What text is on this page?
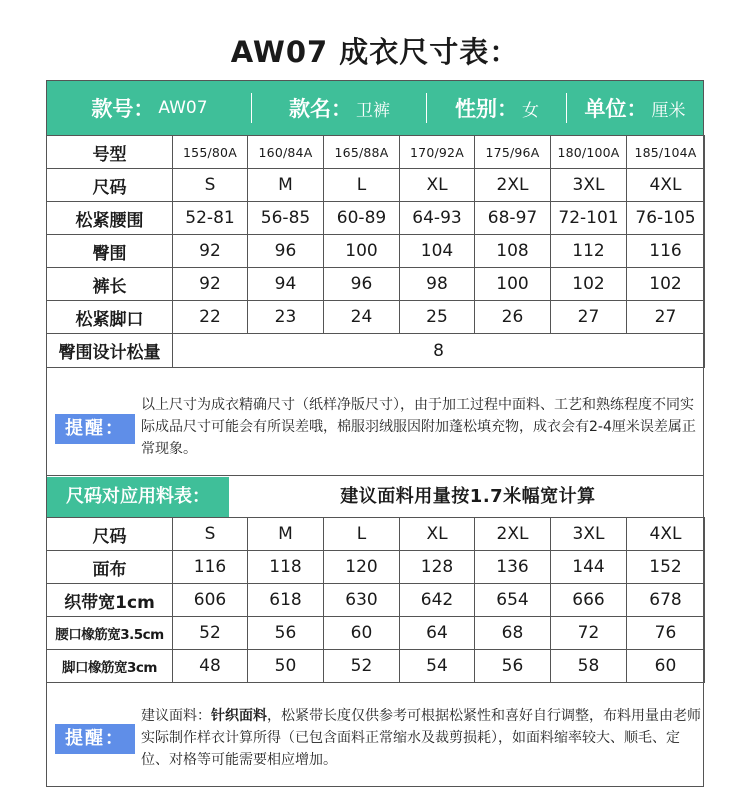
AW07 成衣尺寸表：
款号： AW07	款名： 卫裤	性别： 女 单位： 厘米
号型	155/80A	160/84A	165/88A	170/92A	175/96A	180/100A	185/104A
尺码	S	M	L	XL	2XL	3XL	4XL
松紧腰围	52-81	56-85	60-89	64-93	68-97	72-101	76-105
臀围	92	96	100	104	108	112	116
裤长	92	94	96	98	100	102	102
松紧脚口	22	23	24	25	26	27	27
臀围设计松量	8						
提醒：
以上尺寸为成衣精确尺寸（纸样净版尺寸），由于加工过程中面料、工艺和熟练程度不同实际成品尺寸可能会有所误差哦，棉服羽绒服因附加蓬松填充物，成衣会有2-4厘米误差属正常现象。
尺码对应用料表：	建议面料用量按1.7米幅宽计算
尺码	S	M	L	XL	2XL	3XL	4XL
面布	116	118	120	128	136	144	152
织带宽1cm	606	618	630	642	654	666	678
腰口橡筋宽3.5cm	52	56	60	64	68	72	76
脚口橡筋宽3cm	48	50	52	54	56	58	60
提醒：
建议面料：针织面料，松紧带长度仅供参考可根据松紧性和喜好自行调整，布料用量由老师实际制作样衣计算所得（已包含面料正常缩水及裁剪损耗），如面料缩率较大、顺毛、定位、对格等可能需要相应增加。
